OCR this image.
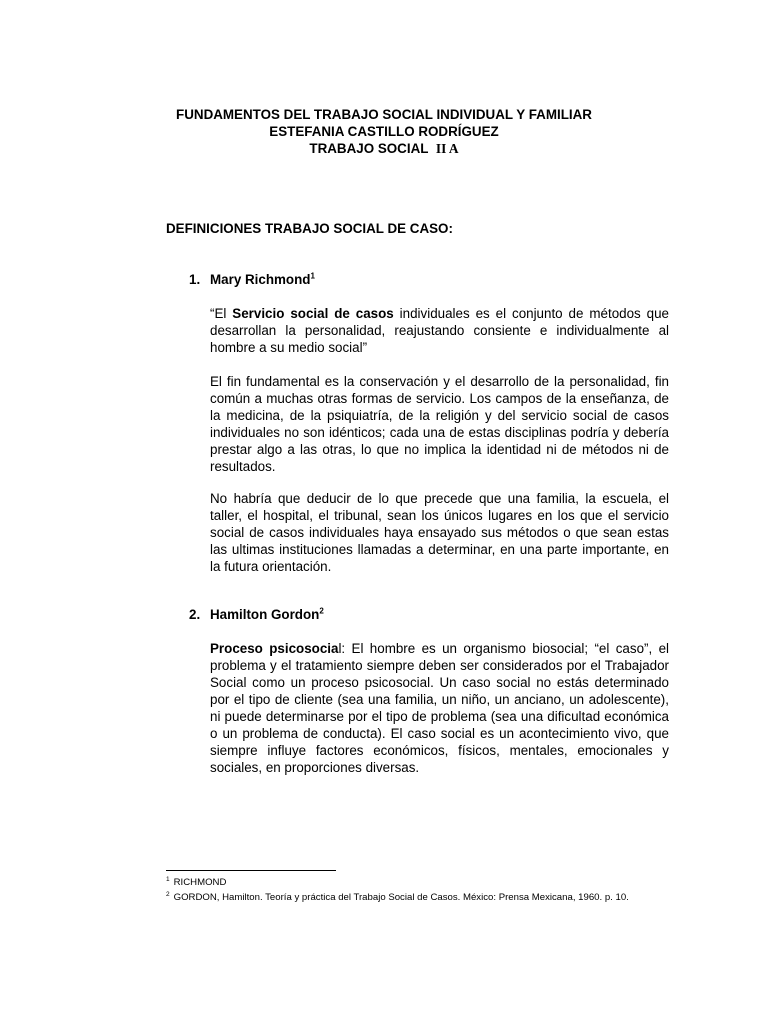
FUNDAMENTOS DEL TRABAJO SOCIAL INDIVIDUAL Y FAMILIAR
ESTEFANIA CASTILLO RODRÍGUEZ
TRABAJO SOCIAL II A
DEFINICIONES TRABAJO SOCIAL DE CASO:
1. Mary Richmond$^1$
“El Servicio social de casos individuales es el conjunto de métodos que desarrollan la personalidad, reajustando consiente e individualmente al hombre a su medio social”
El fin fundamental es la conservación y el desarrollo de la personalidad, fin común a muchas otras formas de servicio. Los campos de la enseñanza, de la medicina, de la psiquiatría, de la religión y del servicio social de casos individuales no son idénticos; cada una de estas disciplinas podría y debería prestar algo a las otras, lo que no implica la identidad ni de métodos ni de resultados.
No habría que deducir de lo que precede que una familia, la escuela, el taller, el hospital, el tribunal, sean los únicos lugares en los que el servicio social de casos individuales haya ensayado sus métodos o que sean estas las ultimas instituciones llamadas a determinar, en una parte importante, en la futura orientación.
2. Hamilton Gordon$^2$
Proceso psicosocial: El hombre es un organismo biosocial; “el caso”, el problema y el tratamiento siempre deben ser considerados por el Trabajador Social como un proceso psicosocial. Un caso social no estás determinado por el tipo de cliente (sea una familia, un niño, un anciano, un adolescente), ni puede determinarse por el tipo de problema (sea una dificultad económica o un problema de conducta). El caso social es un acontecimiento vivo, que siempre influye factores económicos, físicos, mentales, emocionales y sociales, en proporciones diversas.
$^1$ RICHMOND
$^2$ GORDON, Hamilton. Teoría y práctica del Trabajo Social de Casos. México: Prensa Mexicana, 1960. p. 10.
